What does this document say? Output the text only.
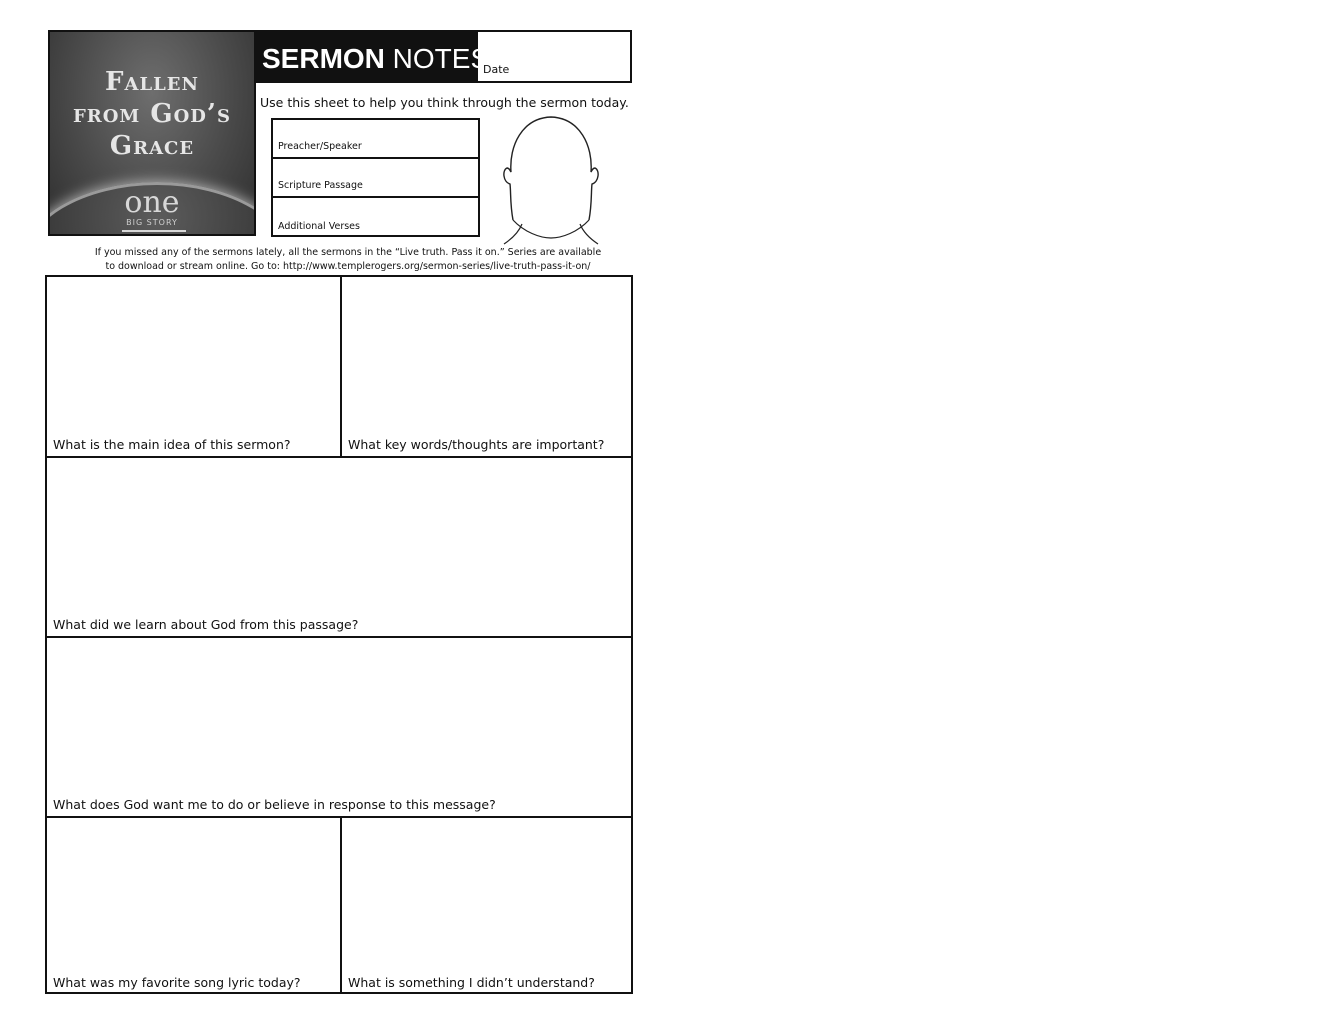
Fallen
from God’s
Grace
one
BIG STORY
SERMON NOTES
Date
Use this sheet to help you think through the sermon today.
Preacher/Speaker
Scripture Passage
Additional Verses
If you missed any of the sermons lately, all the sermons in the “Live truth. Pass it on.” Series are available
to download or stream online. Go to: http://www.templerogers.org/sermon-series/live-truth-pass-it-on/
What is the main idea of this sermon?	What key words/thoughts are important?
What did we learn about God from this passage?
What does God want me to do or believe in response to this message?
What was my favorite song lyric today?	What is something I didn’t understand?
